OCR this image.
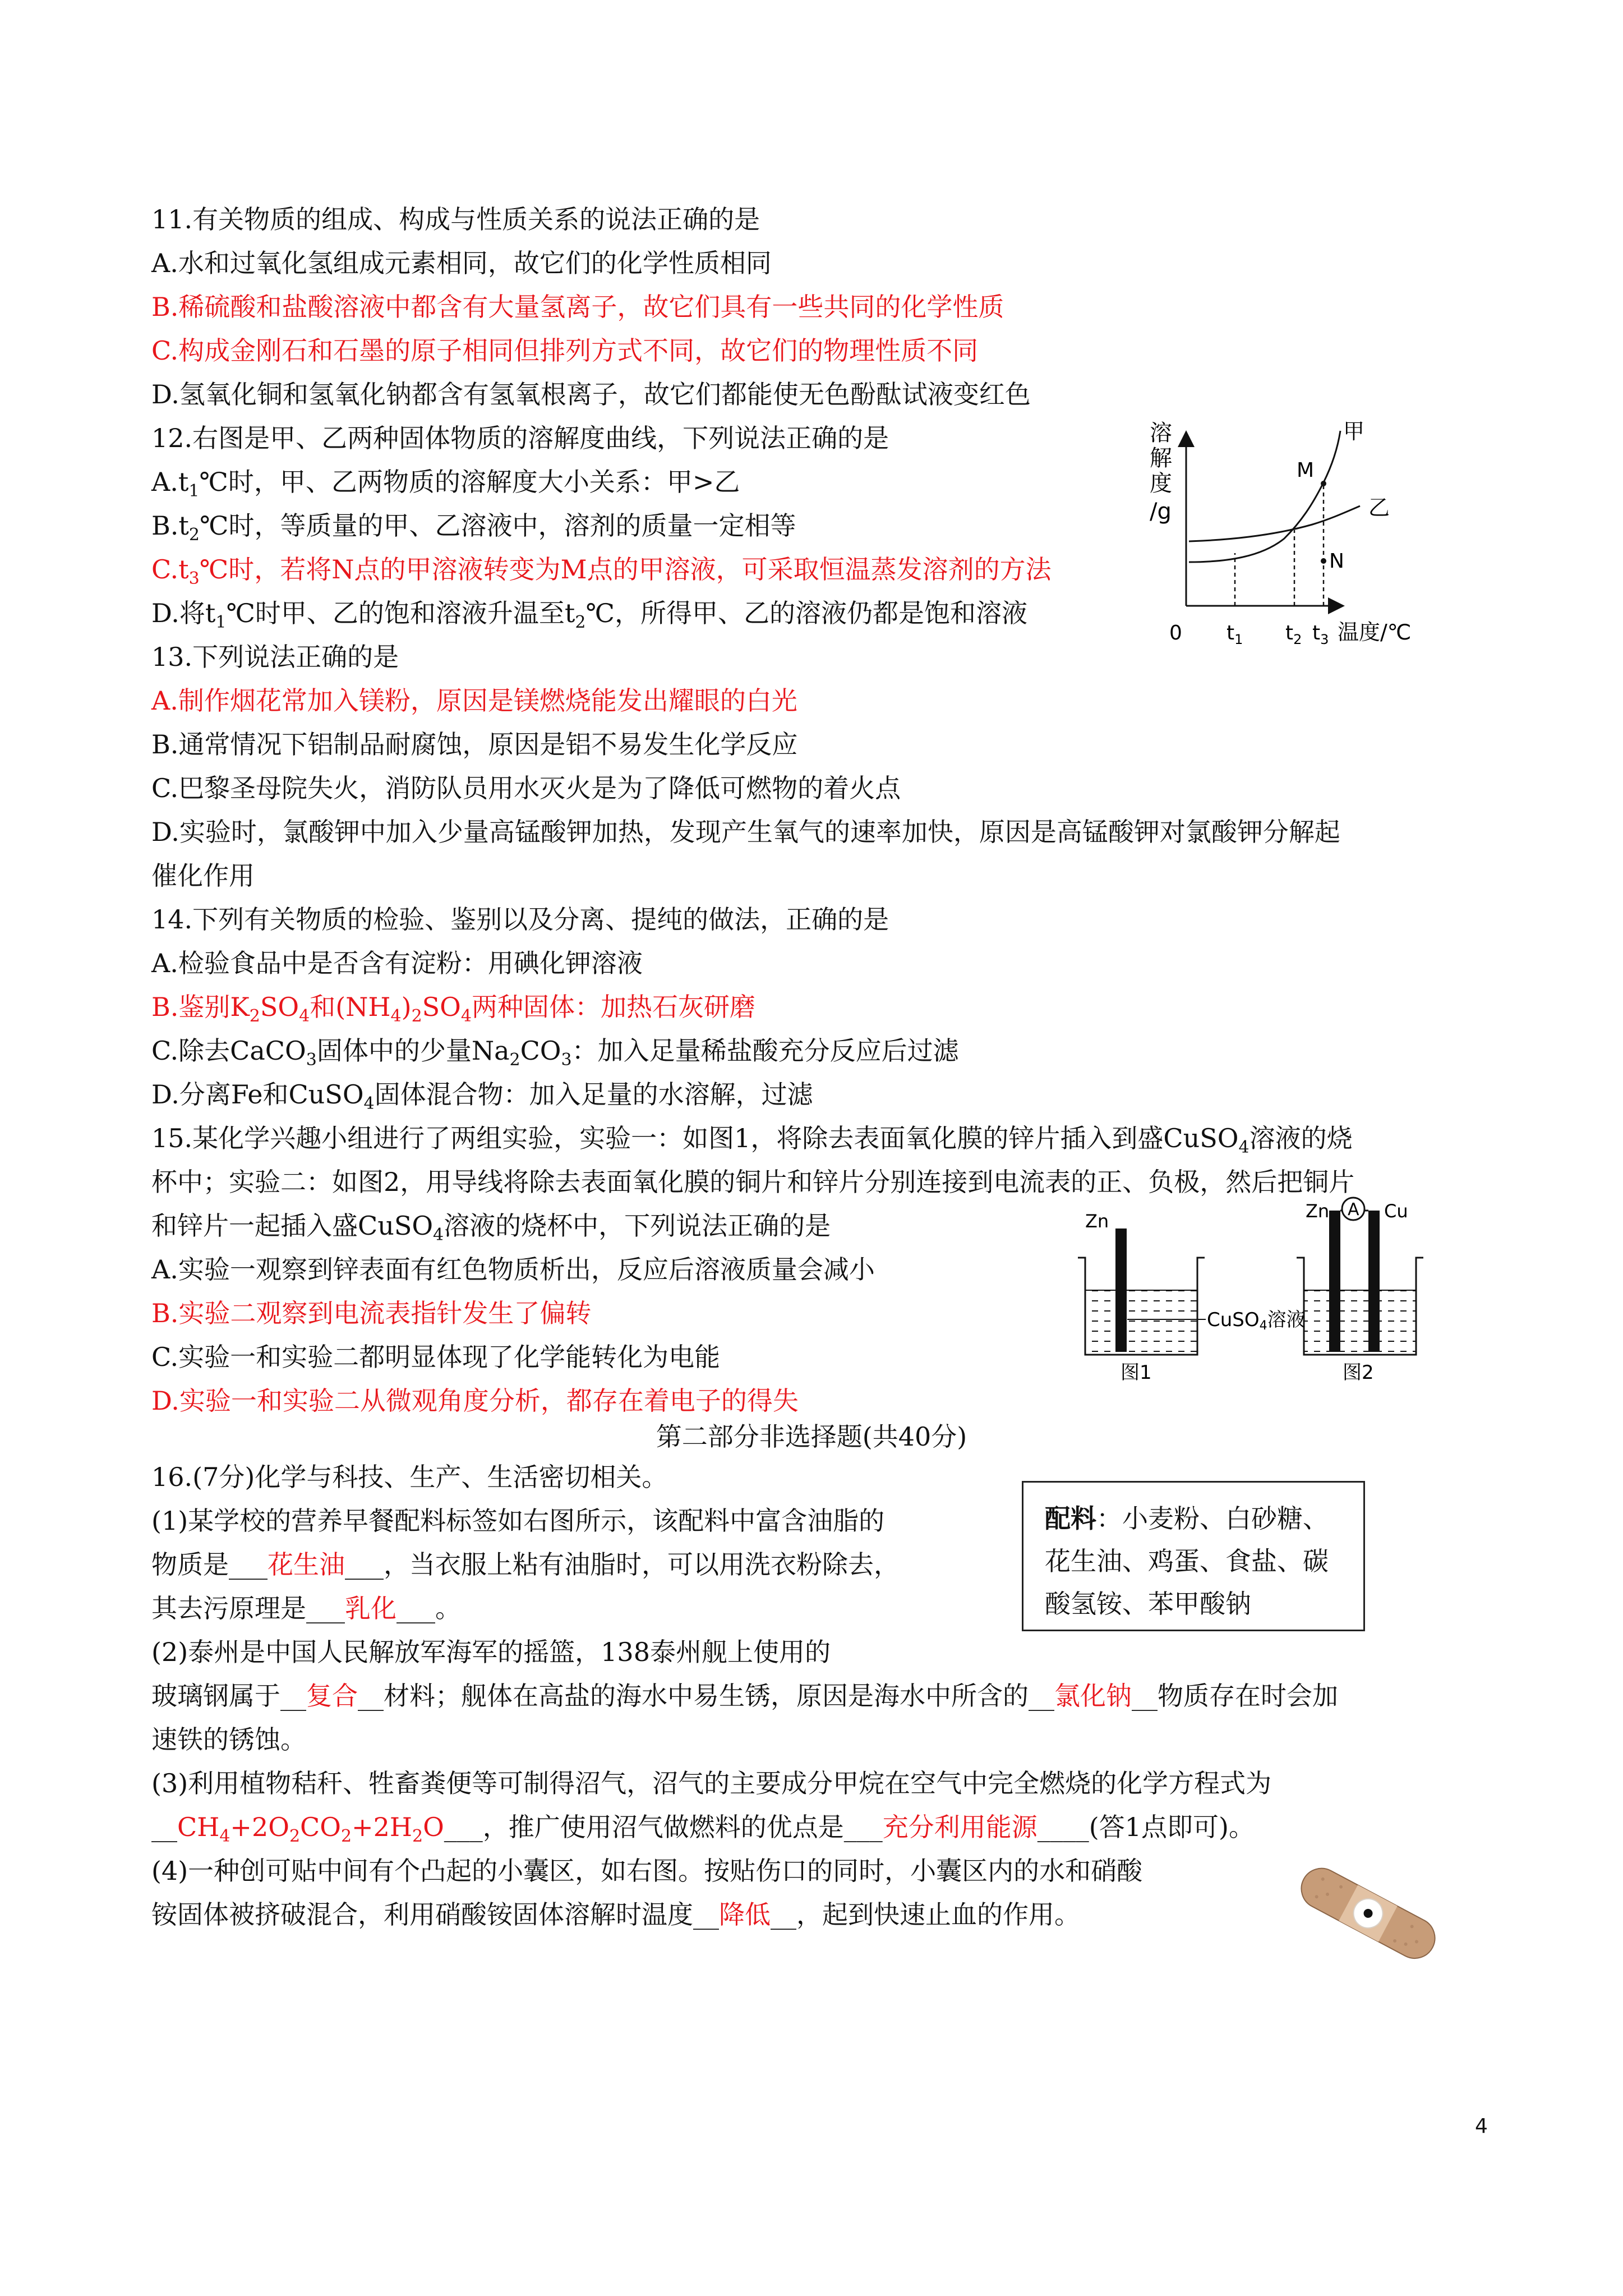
11.有关物质的组成、构成与性质关系的说法正确的是
A.水和过氧化氢组成元素相同，故它们的化学性质相同
B.稀硫酸和盐酸溶液中都含有大量氢离子，故它们具有一些共同的化学性质
C.构成金刚石和石墨的原子相同但排列方式不同，故它们的物理性质不同
D.氢氧化铜和氢氧化钠都含有氢氧根离子，故它们都能使无色酚酞试液变红色
12.右图是甲、乙两种固体物质的溶解度曲线，下列说法正确的是
$A.t_1℃$时，甲、乙两物质的溶解度大小关系：甲>乙
$B.t_2℃$时，等质量的甲、乙溶液中，溶剂的质量一定相等
$C.t_3℃$时，若将N点的甲溶液转变为M点的甲溶液，可采取恒温蒸发溶剂的方法
D.将$t_1℃$时甲、乙的饱和溶液升温至$t_2℃$，所得甲、乙的溶液仍都是饱和溶液
溶
解
度
/g
M
N
甲
乙
0 $t_1$ $t_2$ $t_3$ 温度/℃
13.下列说法正确的是
A.制作烟花常加入镁粉，原因是镁燃烧能发出耀眼的白光
B.通常情况下铝制品耐腐蚀，原因是铝不易发生化学反应
C.巴黎圣母院失火，消防队员用水灭火是为了降低可燃物的着火点
D.实验时，氯酸钾中加入少量高锰酸钾加热，发现产生氧气的速率加快，原因是高锰酸钾对氯酸钾分解起
催化作用
14.下列有关物质的检验、鉴别以及分离、提纯的做法，正确的是
A.检验食品中是否含有淀粉：用碘化钾溶液
B.鉴别$K_2SO_4$和$(NH_4)_2SO_4$两种固体：加热石灰研磨
C.除去CaCO$_3$固体中的少量$Na_2CO_3$：加入足量稀盐酸充分反应后过滤
D.分离Fe和CuSO$_4$固体混合物：加入足量的水溶解，过滤
15.某化学兴趣小组进行了两组实验，实验一：如图1，将除去表面氧化膜的锌片插入到盛CuSO$_4$溶液的烧
杯中；实验二：如图2，用导线将除去表面氧化膜的铜片和锌片分别连接到电流表的正、负极，然后把铜片
和锌片一起插入盛CuSO$_4$溶液的烧杯中，下列说法正确的是
A.实验一观察到锌表面有红色物质析出，反应后溶液质量会减小
B.实验二观察到电流表指针发生了偏转
C.实验一和实验二都明显体现了化学能转化为电能
D.实验一和实验二从微观角度分析，都存在着电子的得失
Zn
图1
A
Zn	Cu
图2
CuSO4溶液
第二部分非选择题(共40分)
16.(7分)化学与科技、生产、生活密切相关。
(1)某学校的营养早餐配料标签如右图所示，该配料中富含油脂的
物质是___花生油___，当衣服上粘有油脂时，可以用洗衣粉除去，
其去污原理是___乳化___。
(2)泰州是中国人民解放军海军的摇篮，138泰州舰上使用的
玻璃钢属于__复合__材料；舰体在高盐的海水中易生锈，原因是海水中所含的__氯化钠__物质存在时会加
速铁的锈蚀。
(3)利用植物秸秆、牲畜粪便等可制得沼气，沼气的主要成分甲烷在空气中完全燃烧的化学方程式为
$\_\_CH_4+2O_2CO_2+2H_2O\_\_\_$，推广使用沼气做燃料的优点是___充分利用能源____(答1点即可)。
(4)一种创可贴中间有个凸起的小囊区，如右图。按贴伤口的同时，小囊区内的水和硝酸
铵固体被挤破混合，利用硝酸铵固体溶解时温度__降低__，起到快速止血的作用。
配料：小麦粉、白砂糖、
花生油、鸡蛋、食盐、碳
酸氢铵、苯甲酸钠
4
